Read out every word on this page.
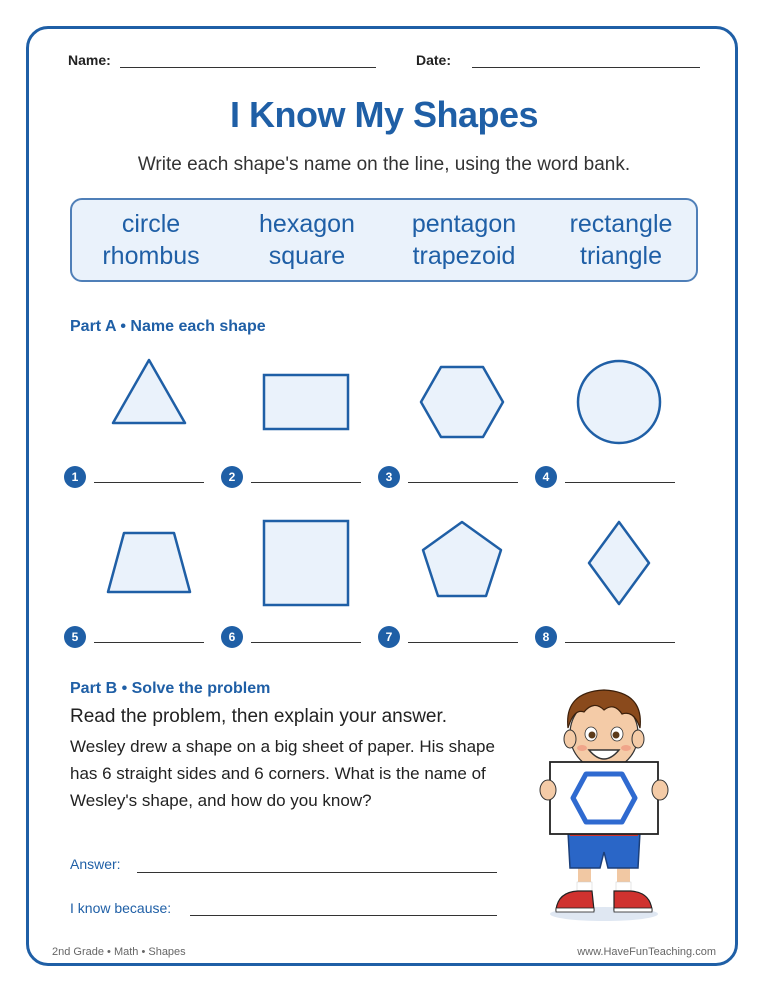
Name:	Date:
I Know My Shapes
Write each shape's name on the line, using the word bank.
circle
rhombus
hexagon
square
pentagon
trapezoid
rectangle
triangle
Part A • Name each shape
1	2	3	4
5	6	7	8
Part B • Solve the problem
Read the problem, then explain your answer.
Wesley drew a shape on a big sheet of paper. His shape has 6 straight sides and 6 corners. What is the name of Wesley's shape, and how do you know?
Answer:
I know because:
2nd Grade • Math • Shapes	www.HaveFunTeaching.com
